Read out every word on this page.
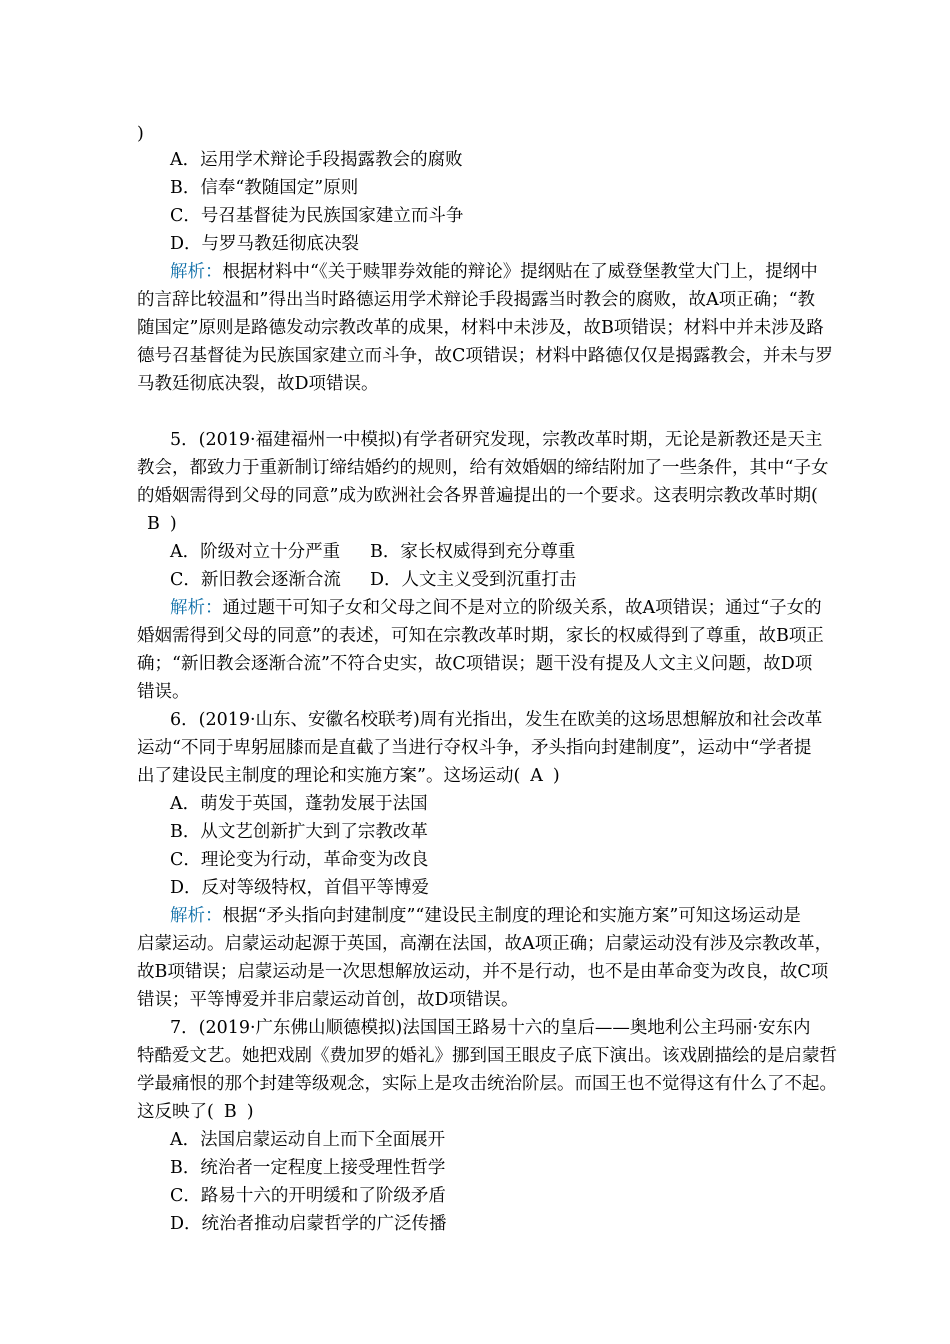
)
A．运用学术辩论手段揭露教会的腐败
B．信奉“教随国定”原则
C．号召基督徒为民族国家建立而斗争
D．与罗马教廷彻底决裂
解析：根据材料中“《关于赎罪券效能的辩论》提纲贴在了威登堡教堂大门上，提纲中
的言辞比较温和”得出当时路德运用学术辩论手段揭露当时教会的腐败，故A项正确；“教
随国定”原则是路德发动宗教改革的成果，材料中未涉及，故B项错误；材料中并未涉及路
德号召基督徒为民族国家建立而斗争，故C项错误；材料中路德仅仅是揭露教会，并未与罗
马教廷彻底决裂，故D项错误。
5．(2019·福建福州一中模拟)有学者研究发现，宗教改革时期，无论是新教还是天主
教会，都致力于重新制订缔结婚约的规则，给有效婚姻的缔结附加了一些条件，其中“子女
的婚姻需得到父母的同意”成为欧洲社会各界普遍提出的一个要求。这表明宗教改革时期(
B )
A．阶级对立十分严重 B．家长权威得到充分尊重
C．新旧教会逐渐合流 D．人文主义受到沉重打击
解析：通过题干可知子女和父母之间不是对立的阶级关系，故A项错误；通过“子女的
婚姻需得到父母的同意”的表述，可知在宗教改革时期，家长的权威得到了尊重，故B项正
确；“新旧教会逐渐合流”不符合史实，故C项错误；题干没有提及人文主义问题，故D项
错误。
6．(2019·山东、安徽名校联考)周有光指出，发生在欧美的这场思想解放和社会改革
运动“不同于卑躬屈膝而是直截了当进行夺权斗争，矛头指向封建制度”，运动中“学者提
出了建设民主制度的理论和实施方案”。这场运动( A )
A．萌发于英国，蓬勃发展于法国
B．从文艺创新扩大到了宗教改革
C．理论变为行动，革命变为改良
D．反对等级特权，首倡平等博爱
解析：根据“矛头指向封建制度”“建设民主制度的理论和实施方案”可知这场运动是
启蒙运动。启蒙运动起源于英国，高潮在法国，故A项正确；启蒙运动没有涉及宗教改革，
故B项错误；启蒙运动是一次思想解放运动，并不是行动，也不是由革命变为改良，故C项
错误；平等博爱并非启蒙运动首创，故D项错误。
7．(2019·广东佛山顺德模拟)法国国王路易十六的皇后——奥地利公主玛丽·安东内
特酷爱文艺。她把戏剧《费加罗的婚礼》挪到国王眼皮子底下演出。该戏剧描绘的是启蒙哲
学最痛恨的那个封建等级观念，实际上是攻击统治阶层。而国王也不觉得这有什么了不起。
这反映了( B )
A．法国启蒙运动自上而下全面展开
B．统治者一定程度上接受理性哲学
C．路易十六的开明缓和了阶级矛盾
D．统治者推动启蒙哲学的广泛传播
